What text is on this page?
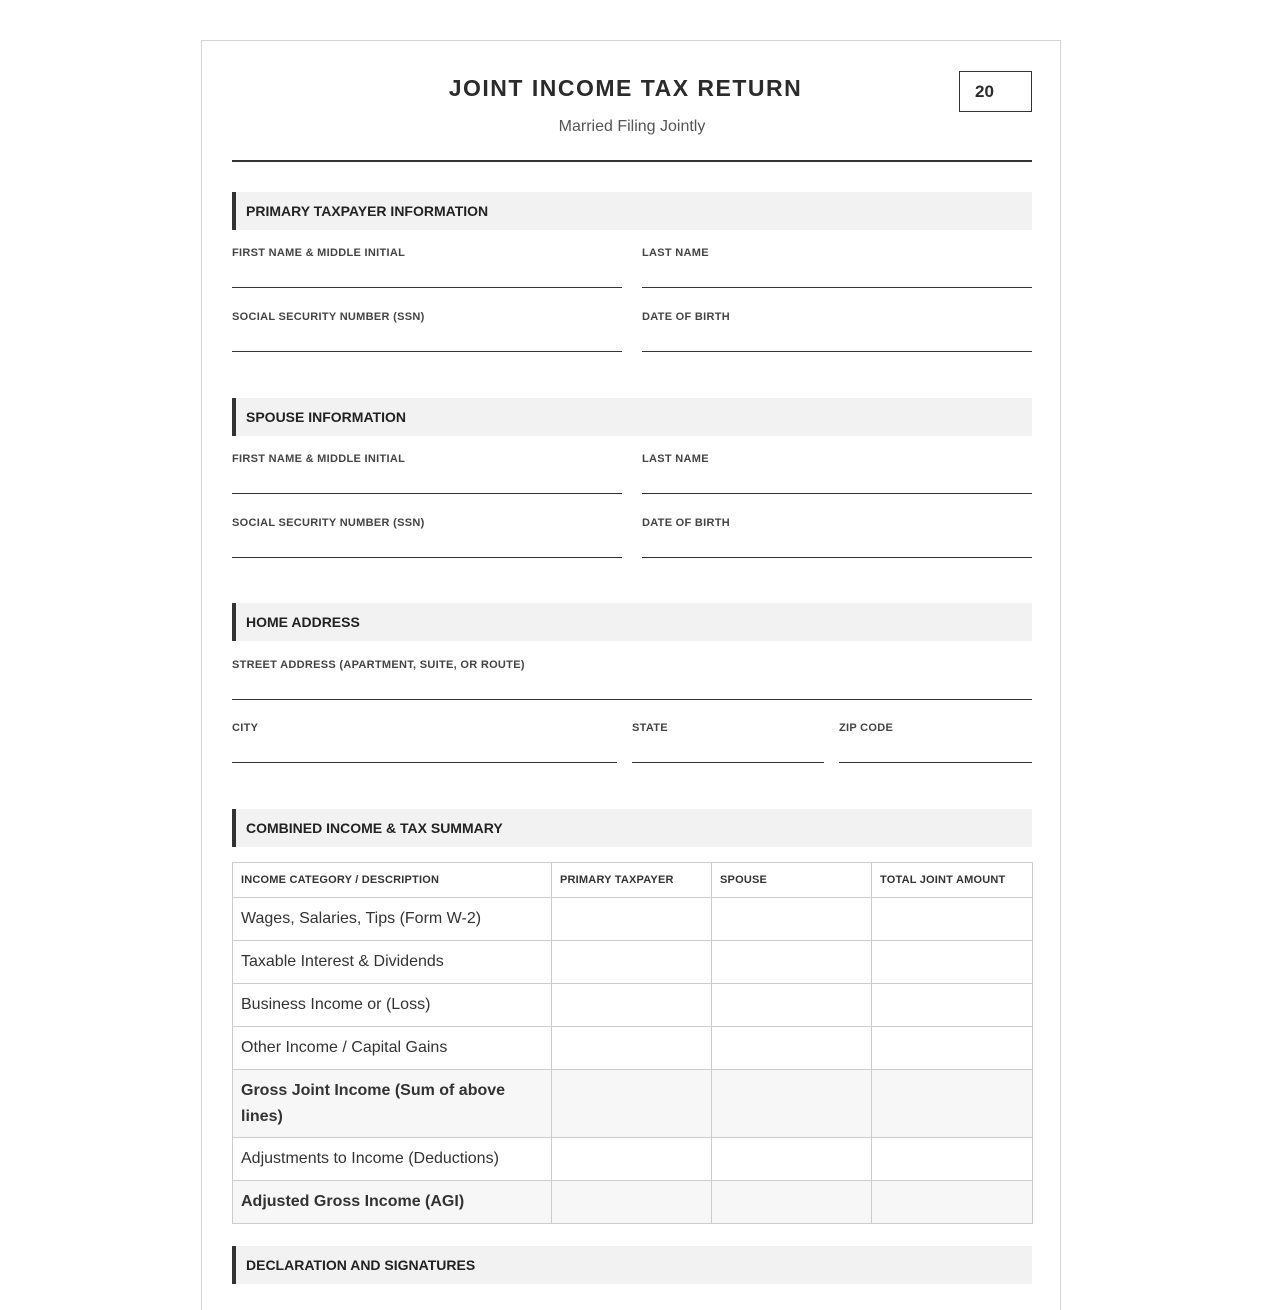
JOINT INCOME TAX RETURN
Married Filing Jointly
20
PRIMARY TAXPAYER INFORMATION
FIRST NAME & MIDDLE INITIAL	LAST NAME
SOCIAL SECURITY NUMBER (SSN)	DATE OF BIRTH
SPOUSE INFORMATION
FIRST NAME & MIDDLE INITIAL	LAST NAME
SOCIAL SECURITY NUMBER (SSN)	DATE OF BIRTH
HOME ADDRESS
STREET ADDRESS (APARTMENT, SUITE, OR ROUTE)
CITY	STATE	ZIP CODE
COMBINED INCOME & TAX SUMMARY
INCOME CATEGORY / DESCRIPTION	PRIMARY TAXPAYER	SPOUSE	TOTAL JOINT AMOUNT
Wages, Salaries, Tips (Form W-2)			
Taxable Interest & Dividends			
Business Income or (Loss)			
Other Income / Capital Gains			
Gross Joint Income (Sum of above lines)			
Adjustments to Income (Deductions)			
Adjusted Gross Income (AGI)			
DECLARATION AND SIGNATURES
